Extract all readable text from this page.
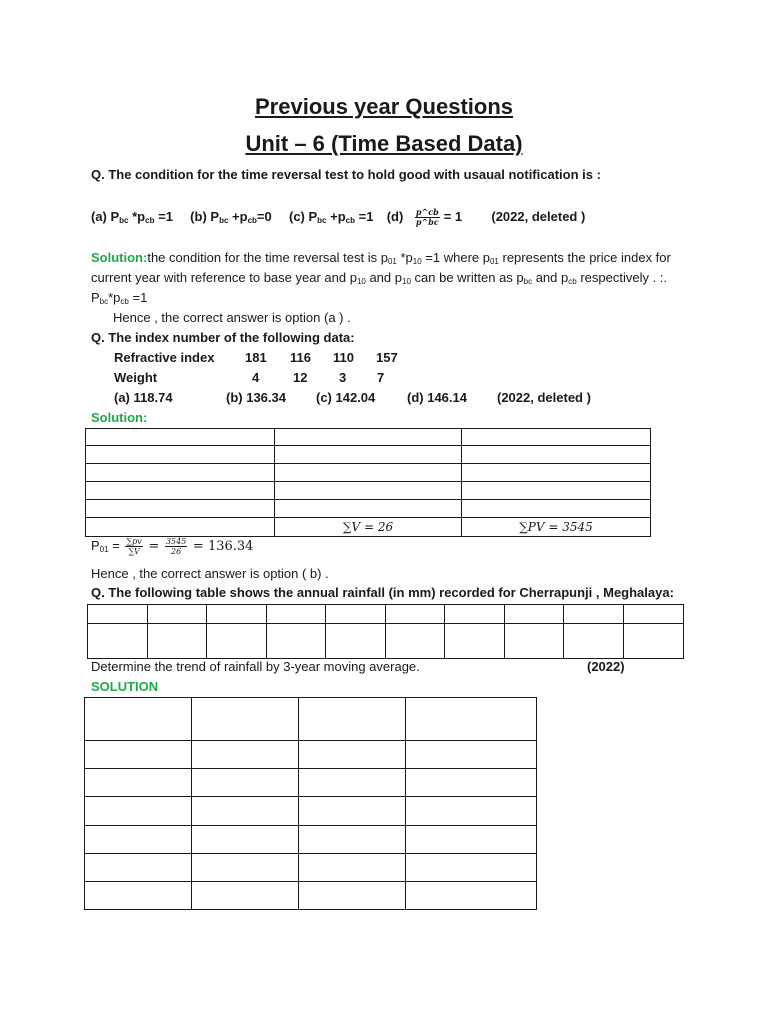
Previous year Questions
Unit – 6 (Time Based Data)
Q. The condition for the time reversal test to hold good with usaual notification is :
(a) $P_{bc}$ $*p_{cb} =1$ (b) $P_{bc} +p_{cb}=0$ (c) $P_{bc} +p_{cb} =1$ $(d) \frac{p\^{}cb}{p\^{}bc} = 1$ (2022, deleted )
Solution:the condition for the time reversal test is $p_{01}$ $*p_{10} =1$ where $p_{01}$ represents the price index for
current year with reference to base year and $p_{10}$ and $p_{10}$ can be written as $p_{bc}$ and $p_{cb}$ respectively . :.
$P_{bc}*p_{cb} =1$
Hence , the correct answer is option (a ) .
Q. The index number of the following data:
Refractive index 181 116 110 157
Weight	4	12 3 7
(a) 118.74	(b) 136.34 (c) 142.04 (d) 146.14 (2022, deleted )
Solution:

	∑V = 26	∑PV = 3545
$P_{01} = \frac{\sum pv}{\sum V} = \frac{3545}{26} = 136.34$
Hence , the correct answer is option ( b) .
Q. The following table shows the annual rainfall (in mm) recorded for Cherrapunji , Meghalaya:

Determine the trend of rainfall by 3-year moving average.	(2022)
SOLUTION
